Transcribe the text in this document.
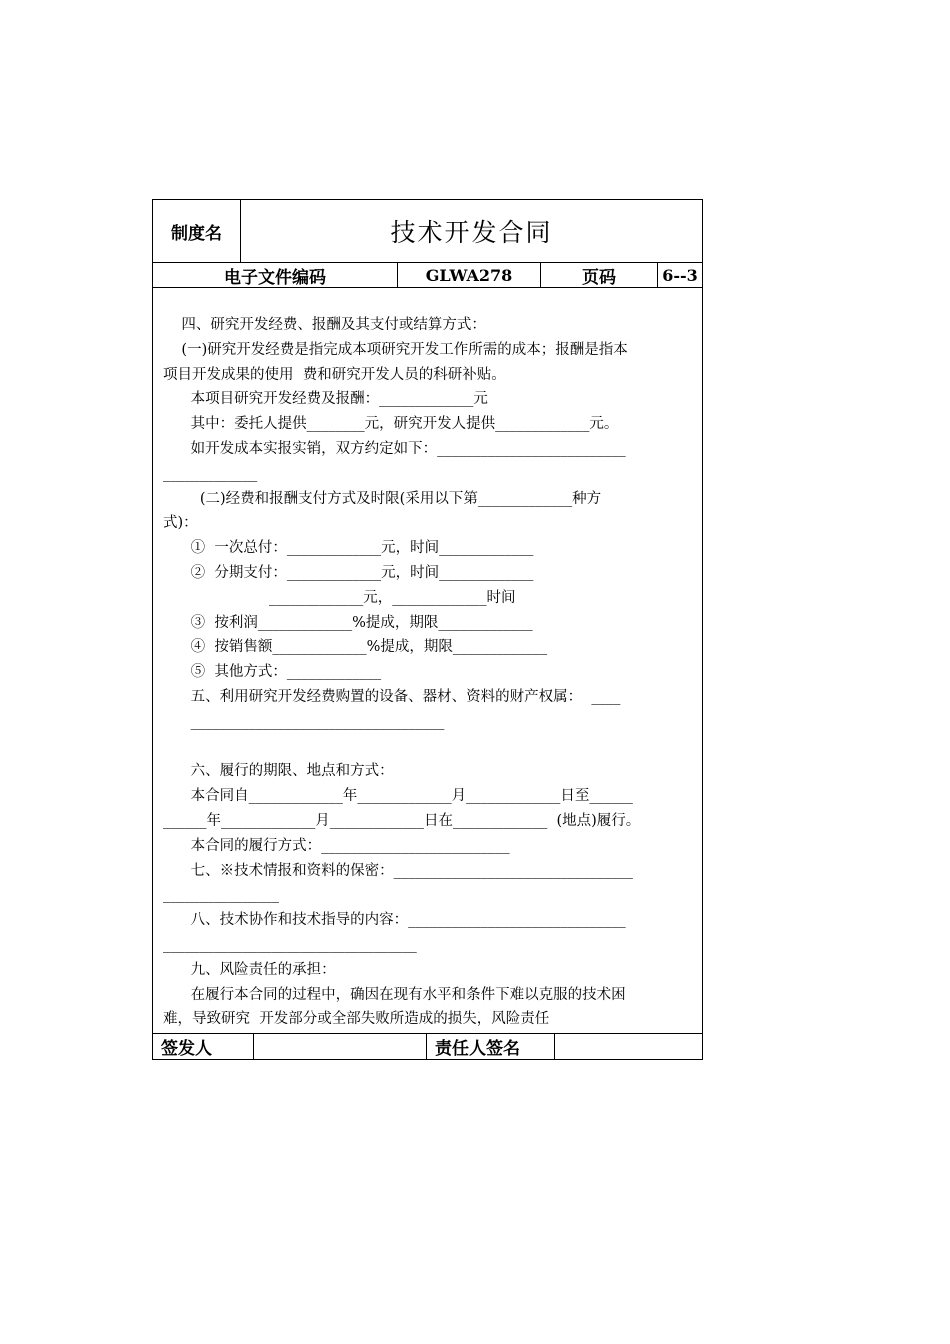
制度名	技术开发合同
电子文件编码	GLWA278	页码	6--3
四、研究开发经费、报酬及其支付或结算方式：
(一)研究开发经费是指完成本项研究开发工作所需的成本；报酬是指本
项目开发成果的使用  费和研究开发人员的科研补贴。
本项目研究开发经费及报酬：_____________元
其中：委托人提供________元，研究开发人提供_____________元。
如开发成本实报实销，双方约定如下：__________________________
_____________
(二)经费和报酬支付方式及时限(采用以下第_____________种方
式)：
①  一次总付：_____________元，时间_____________
②  分期支付：_____________元，时间_____________
_____________元，_____________时间
③  按利润_____________%提成，期限_____________
④  按销售额_____________%提成，期限_____________
⑤  其他方式：_____________
五、利用研究开发经费购置的设备、器材、资料的财产权属：  ____
___________________________________
六、履行的期限、地点和方式：
本合同自_____________年_____________月_____________日至______
______年_____________月_____________日在_____________  (地点)履行。
本合同的履行方式：__________________________
七、※技术情报和资料的保密：_________________________________
________________
八、技术协作和技术指导的内容：______________________________
___________________________________
九、风险责任的承担：
在履行本合同的过程中，确因在现有水平和条件下难以克服的技术困
难，导致研究  开发部分或全部失败所造成的损失，风险责任
签发人	责任人签名
